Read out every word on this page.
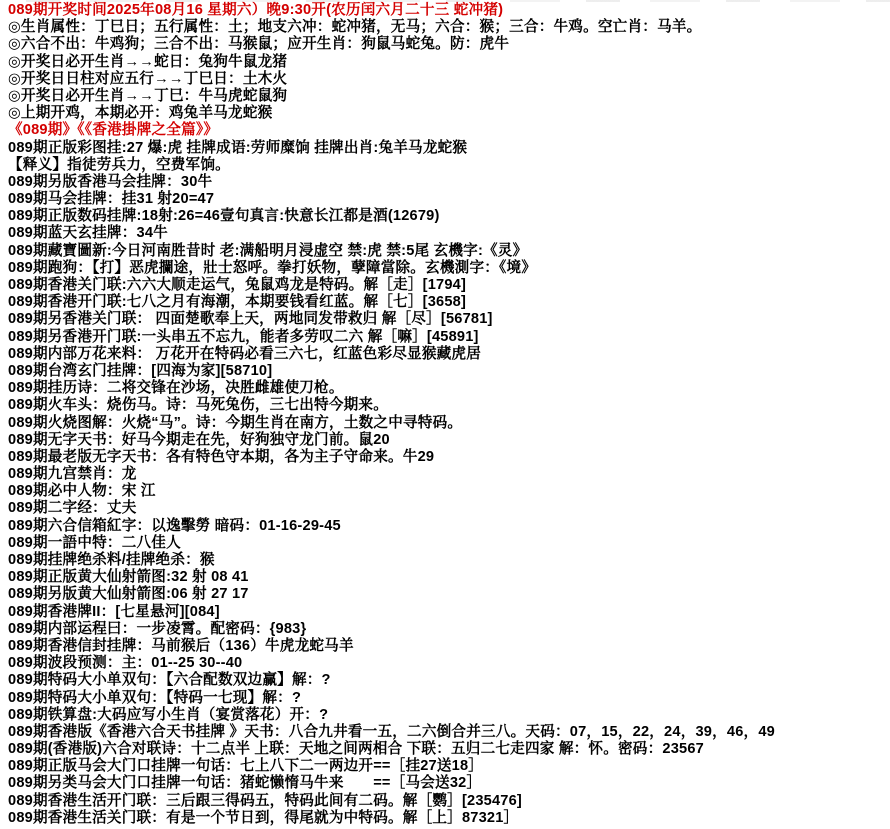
089期开奖时间2025年08月16 星期六）晚9:30开(农历闰六月二十三 蛇冲猪)
◎生肖属性：丁巳日；五行属性：土；地支六冲：蛇冲猪，无马；六合：猴；三合：牛鸡。空亡肖：马羊。
◎六合不出：牛鸡狗；三合不出：马猴鼠；应开生肖：狗鼠马蛇兔。防：虎牛
◎开奖日必开生肖→→蛇日：兔狗牛鼠龙猪
◎开奖日日柱对应五行→→丁巳日：土木火
◎开奖日必开生肖→→丁巳：牛马虎蛇鼠狗
◎上期开鸡，本期必开：鸡兔羊马龙蛇猴
《089期》《《香港掛牌之全篇》》
089期正版彩图挂:27 爆:虎 挂牌成语:劳师糜饷 挂牌出肖:兔羊马龙蛇猴
【释义】指徒劳兵力，空费军饷。
089期另版香港马会挂牌：30牛
089期马会挂牌：挂31 射20=47
089期正版数码挂牌:18射:26=46壹句真言:快意长江都是酒(12679)
089期蓝天玄挂牌：34牛
089期藏寶圖新:今日河南胜昔时 老:满船明月浸虚空 禁:虎 禁:5尾 玄機字:《灵》
089期跑狗：【打】恶虎攔途，壯士怒呼。拳打妖物，孽障當除。玄機測字：《境》
089期香港关门联:六六大顺走运气，兔鼠鸡龙是特码。解［走］[1794]
089期香港开门联:七八之月有海潮，本期要钱看红蓝。解［七］[3658]
089期另香港关门联： 四面楚歌奉上天，两地同发带救归 解［尽］[56781]
089期另香港开门联:一头串五不忘九，能者多劳叹二六 解［嘛］[45891]
089期内部万花来料： 万花开在特码必看三六七，红蓝色彩尽显猴藏虎居
089期台湾玄门挂牌：[四海为家][58710]
089期挂历诗：二将交锋在沙场，决胜雌雄使刀枪。
089期火车头：烧伤马。诗：马死兔伤，三七出特今期来。
089期火烧图解：火烧“马”。诗：今期生肖在南方，土数之中寻特码。
089期无字天书：好马今期走在先，好狗独守龙门前。鼠20
089期最老版无字天书：各有特色守本期，各为主子守命来。牛29
089期九宫禁肖：龙
089期必中人物：宋 江
089期二字经：丈夫
089期六合信箱紅字：以逸擊勞 暗码：01-16-29-45
089期一語中特：二八佳人
089期挂牌绝杀料/挂牌绝杀：猴
089期正版黄大仙射箭图:32 射 08 41
089期另版黄大仙射箭图:06 射 27 17
089期香港牌II：[七星悬河][084]
089期内部运程曰：一步凌霄。配密码：{983}
089期香港信封挂牌：马前猴后（136）牛虎龙蛇马羊
089期波段预测：主：01--25 30--40
089期特码大小单双句：【六合配数双边赢】解：?
089期特码大小单双句：【特码一七现】解：?
089期铁算盘:大码应写小生肖（宴赏落花）开：?
089期香港版《香港六合天书挂牌 》天书：八合九井看一五，二六倒合并三八。天码：07，15，22，24，39，46，49
089期(香港版)六合对联诗：十二点半 上联：天地之间两相合 下联：五归二七走四家 解：怀。密码：23567
089期正版马会大门口挂牌一句话：七上八下二一两边开==［挂27送18］
089期另类马会大门口挂牌一句话：猪蛇懒惰马牛来　　==［马会送32］
089期香港生活开门联：三后跟三得码五，特码此间有二码。解［鹦］[235476]
089期香港生活关门联：有是一个节日到，得尾就为中特码。解［上］87321］
